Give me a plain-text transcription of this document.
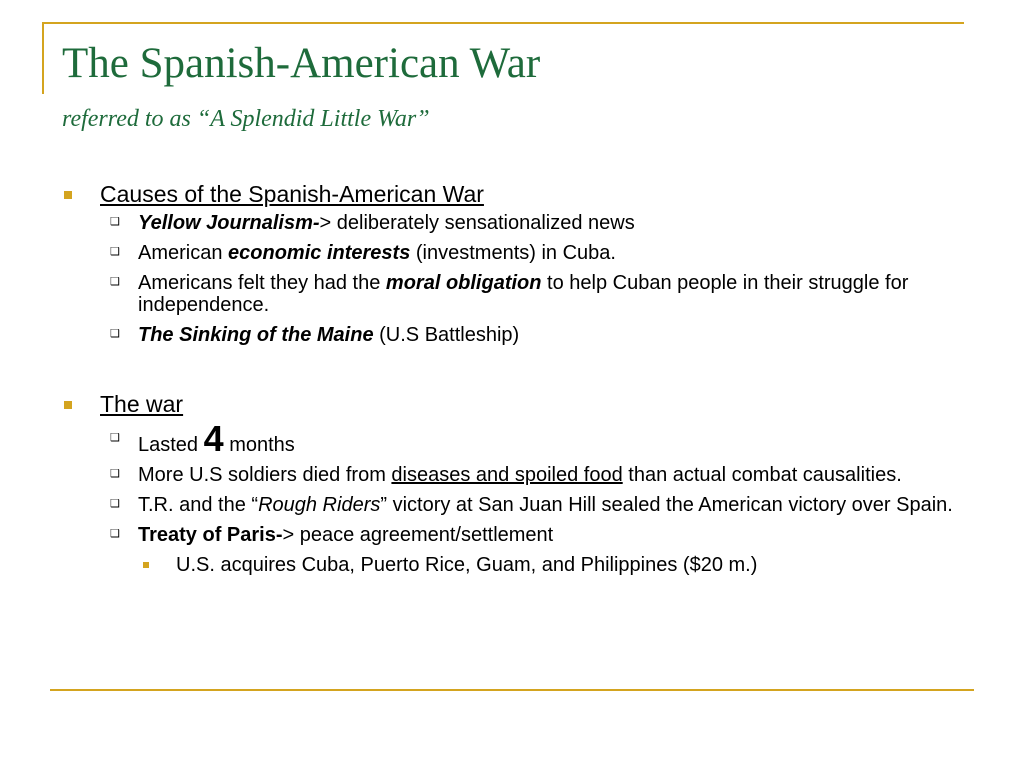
The Spanish-American War
referred to as “A Splendid Little War”
Causes of the Spanish-American War
❑ Yellow Journalism-> deliberately sensationalized news
❑ American economic interests (investments) in Cuba.
❑ Americans felt they had the moral obligation to help Cuban people in their struggle for independence.
❑ The Sinking of the Maine (U.S Battleship)
The war
❑ Lasted 4 months
❑ More U.S soldiers died from diseases and spoiled food than actual combat causalities.
❑ T.R. and the “Rough Riders” victory at San Juan Hill sealed the American victory over Spain.
❑ Treaty of Paris-> peace agreement/settlement
U.S. acquires Cuba, Puerto Rice, Guam, and Philippines ($20 m.)
